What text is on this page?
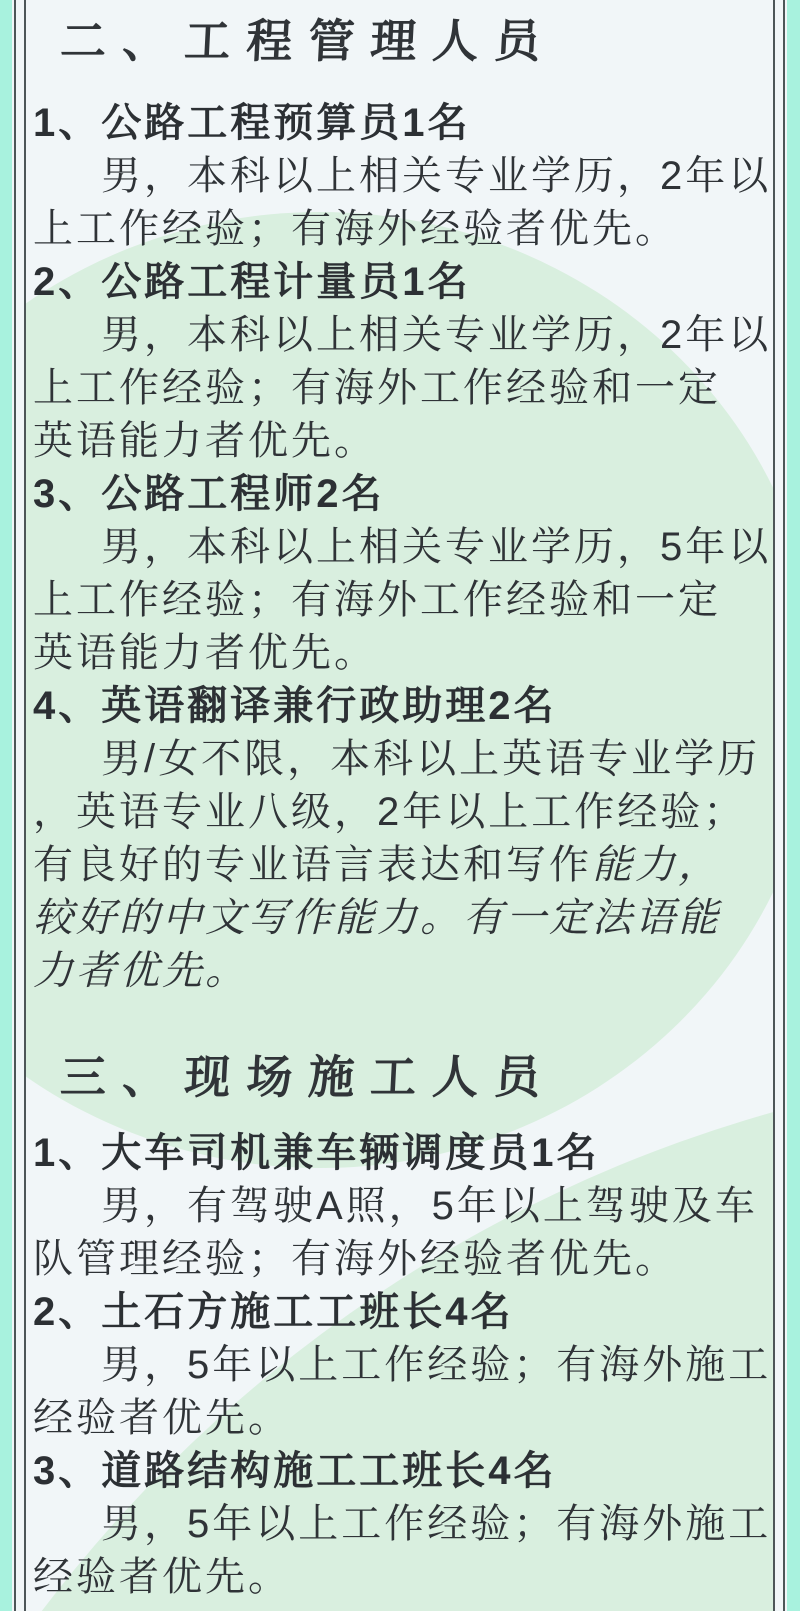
二、工程管理人员
1、公路工程预算员1名
男，本科以上相关专业学历，2年以
上工作经验；有海外经验者优先。
2、公路工程计量员1名
男，本科以上相关专业学历，2年以
上工作经验；有海外工作经验和一定
英语能力者优先。
3、公路工程师2名
男，本科以上相关专业学历，5年以
上工作经验；有海外工作经验和一定
英语能力者优先。
4、英语翻译兼行政助理2名
男/女不限，本科以上英语专业学历
，英语专业八级，2年以上工作经验；
有良好的专业语言表达和写作能力，
较好的中文写作能力。有一定法语能
力者优先。
三、现场施工人员
1、大车司机兼车辆调度员1名
男，有驾驶A照，5年以上驾驶及车
队管理经验；有海外经验者优先。
2、土石方施工工班长4名
男，5年以上工作经验；有海外施工
经验者优先。
3、道路结构施工工班长4名
男，5年以上工作经验；有海外施工
经验者优先。
